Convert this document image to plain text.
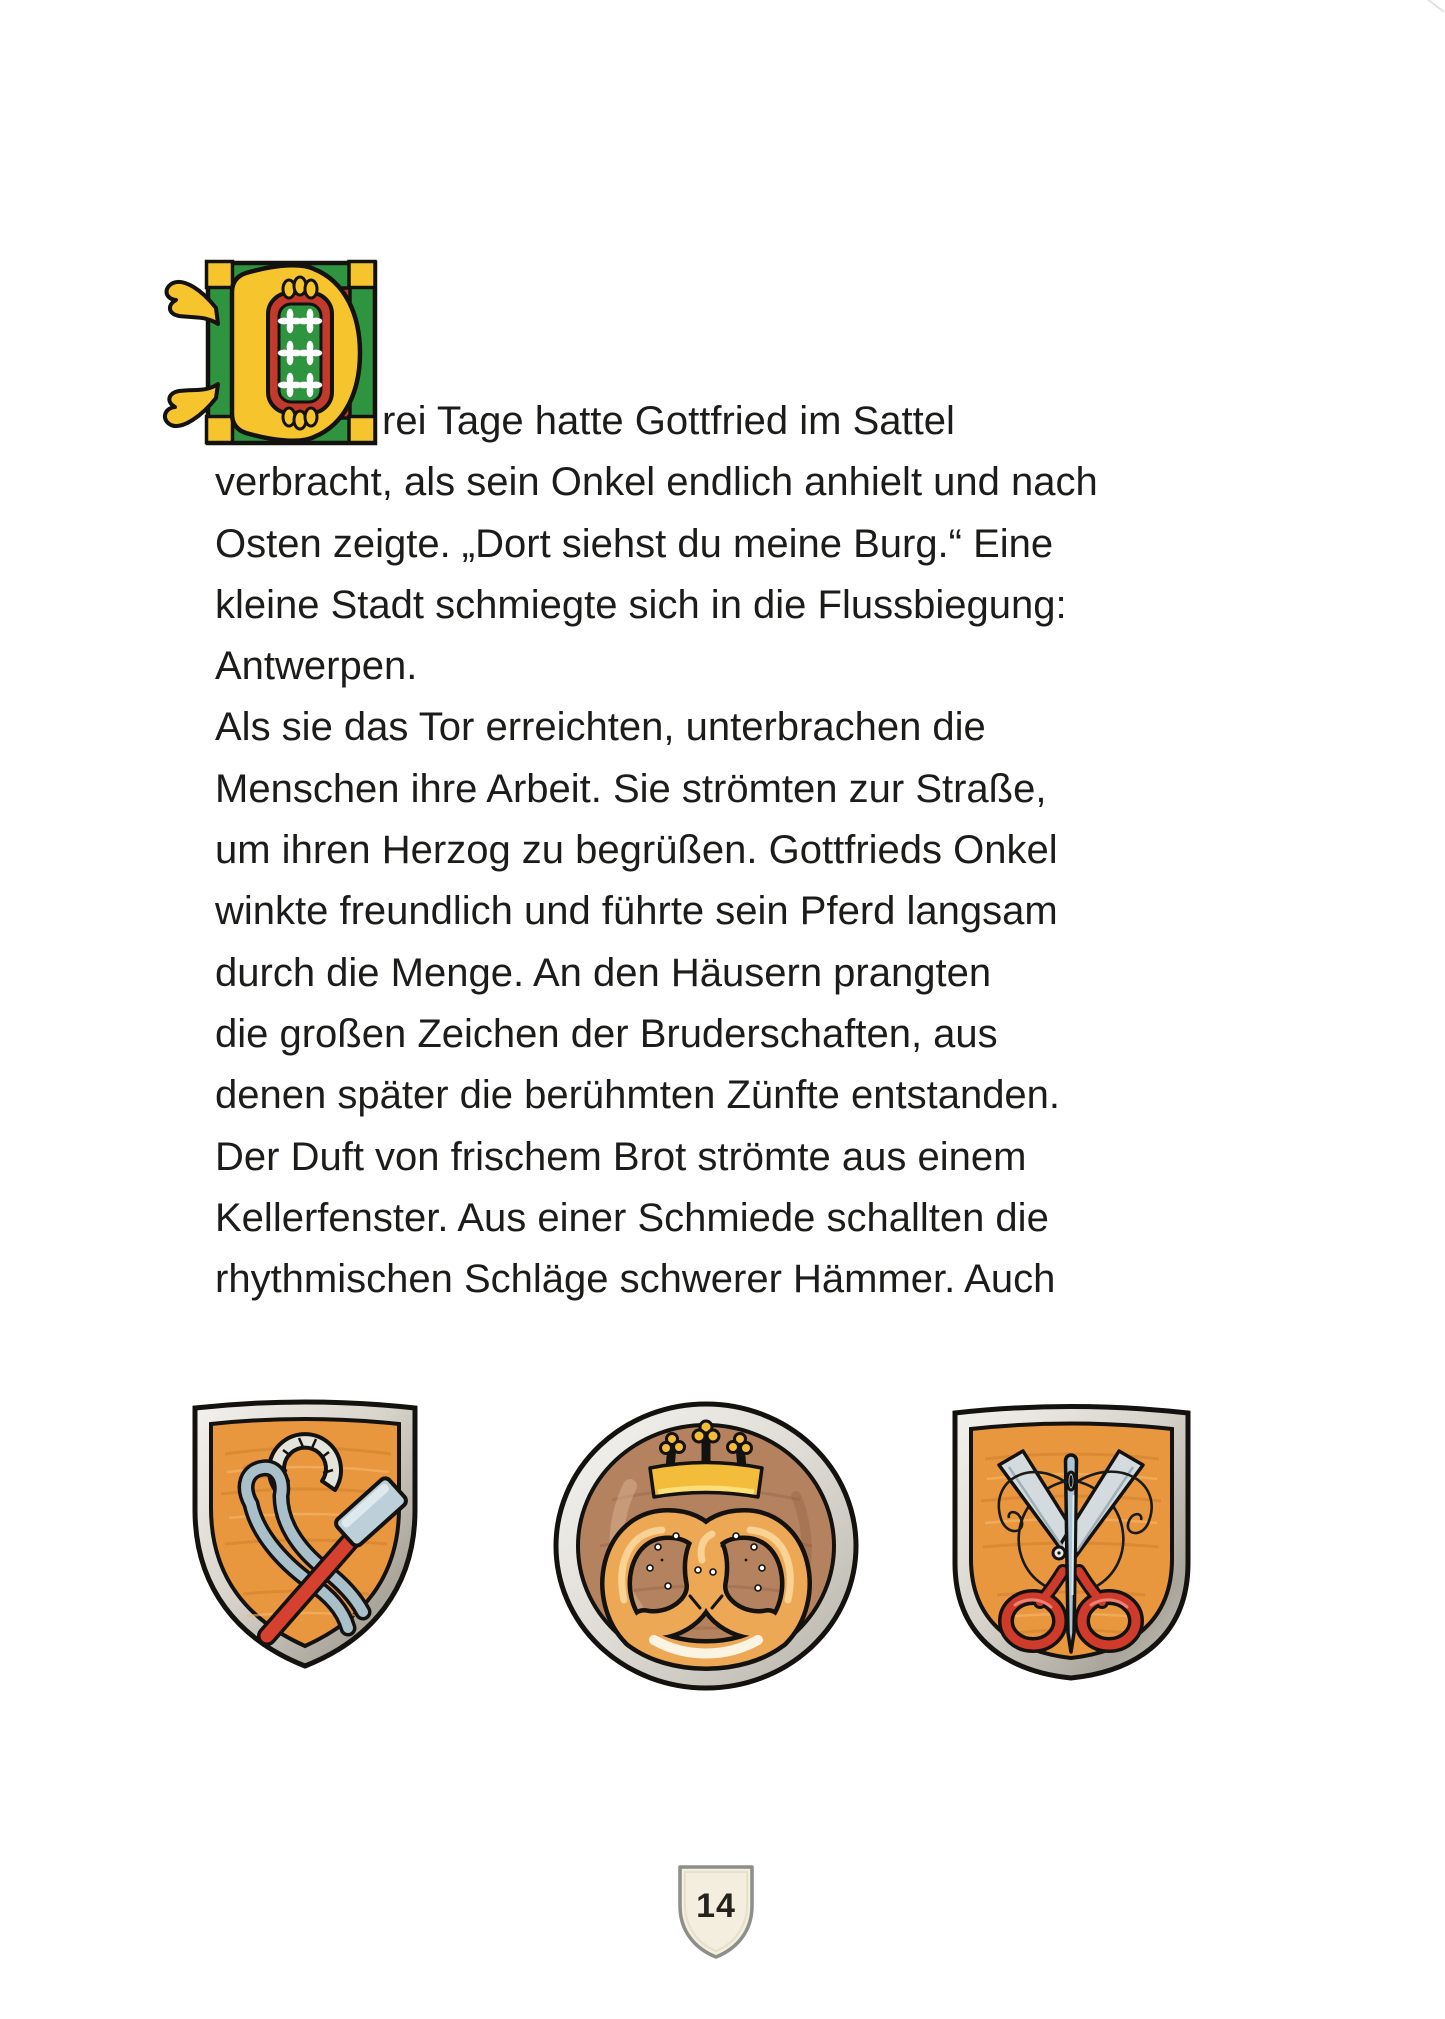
rei Tage hatte Gottfried im Sattel
verbracht, als sein Onkel endlich anhielt und nach
Osten zeigte. „Dort siehst du meine Burg.“ Eine
kleine Stadt schmiegte sich in die Flussbiegung:
Antwerpen.
Als sie das Tor erreichten, unterbrachen die
Menschen ihre Arbeit. Sie strömten zur Straße,
um ihren Herzog zu begrüßen. Gottfrieds Onkel
winkte freundlich und führte sein Pferd langsam
durch die Menge. An den Häusern prangten
die großen Zeichen der Bruderschaften, aus
denen später die berühmten Zünfte entstanden.
Der Duft von frischem Brot strömte aus einem
Kellerfenster. Aus einer Schmiede schallten die
rhythmischen Schläge schwerer Hämmer. Auch
14
